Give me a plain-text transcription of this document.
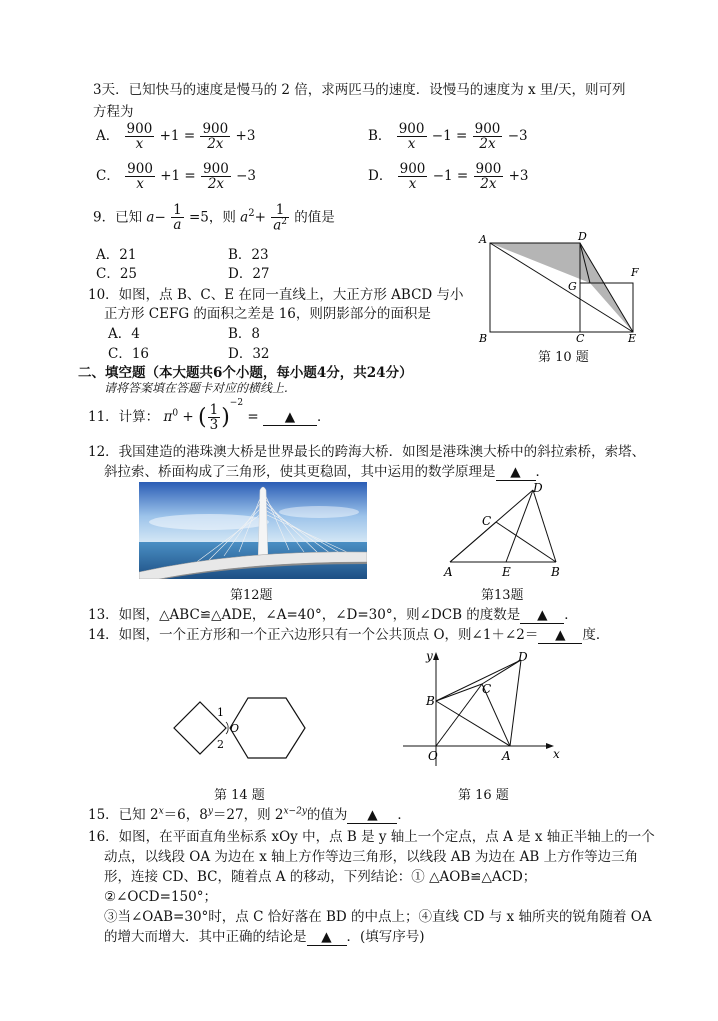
3天．已知快马的速度是慢马的 2 倍，求两匹马的速度．设慢马的速度为 x 里/天，则可列
方程为
A． $\frac{900}{x} +1 = \frac{900}{2x} +3$	B． $\frac{900}{x} -1 = \frac{900}{2x} -3$
C． $\frac{900}{x} +1 = \frac{900}{2x} -3$	D． $\frac{900}{x} -1 = \frac{900}{2x} +3$
9．已知 $a- \frac{1}{a} =5$，则 $a^2+ \frac{1}{a^2}$ 的值是
A．21	B．23
C．25	D．27
10．如图，点 B、C、E 在同一直线上，大正方形 ABCD 与小
正方形 CEFG 的面积之差是 16，则阴影部分的面积是
A．4	B．8
C．16	D．32
A	D
F
G
B	C	E
第 10 题
二、填空题（本大题共6个小题，每小题4分，共24分）
请将答案填在答题卡对应的横线上.
11．计算： $\pi^0$ + ( $\frac{1}{3} )^{-2}$ = ▲ ．
12．我国建造的港珠澳大桥是世界最长的跨海大桥．如图是港珠澳大桥中的斜拉索桥，索塔、
斜拉索、桥面构成了三角形，使其更稳固，其中运用的数学原理是 ▲ ．
第12题
D
C
A	E	B
第13题
13．如图，△ABC≌△ADE，∠A=40°，∠D=30°，则∠DCB 的度数是 ▲ ．
14．如图，一个正方形和一个正六边形只有一个公共顶点 O，则∠1＋∠2＝ ▲ 度．
1
2
O
第 14 题
y	D
B
C
O	A	x
第 16 题
15．已知 $2^x=6$，$8^y=27$，则 $2^{x-2y}$的值为 ▲ ．
16．如图，在平面直角坐标系 xOy 中，点 B 是 y 轴上一个定点，点 A 是 x 轴正半轴上的一个
动点，以线段 OA 为边在 x 轴上方作等边三角形，以线段 AB 为边在 AB 上方作等边三角
形，连接 CD、BC，随着点 A 的移动，下列结论：① △AOB≌△ACD；
②∠OCD=150°；
③当∠OAB=30°时，点 C 恰好落在 BD 的中点上；④直线 CD 与 x 轴所夹的锐角随着 OA
的增大而增大．其中正确的结论是 ▲ ．(填写序号)
